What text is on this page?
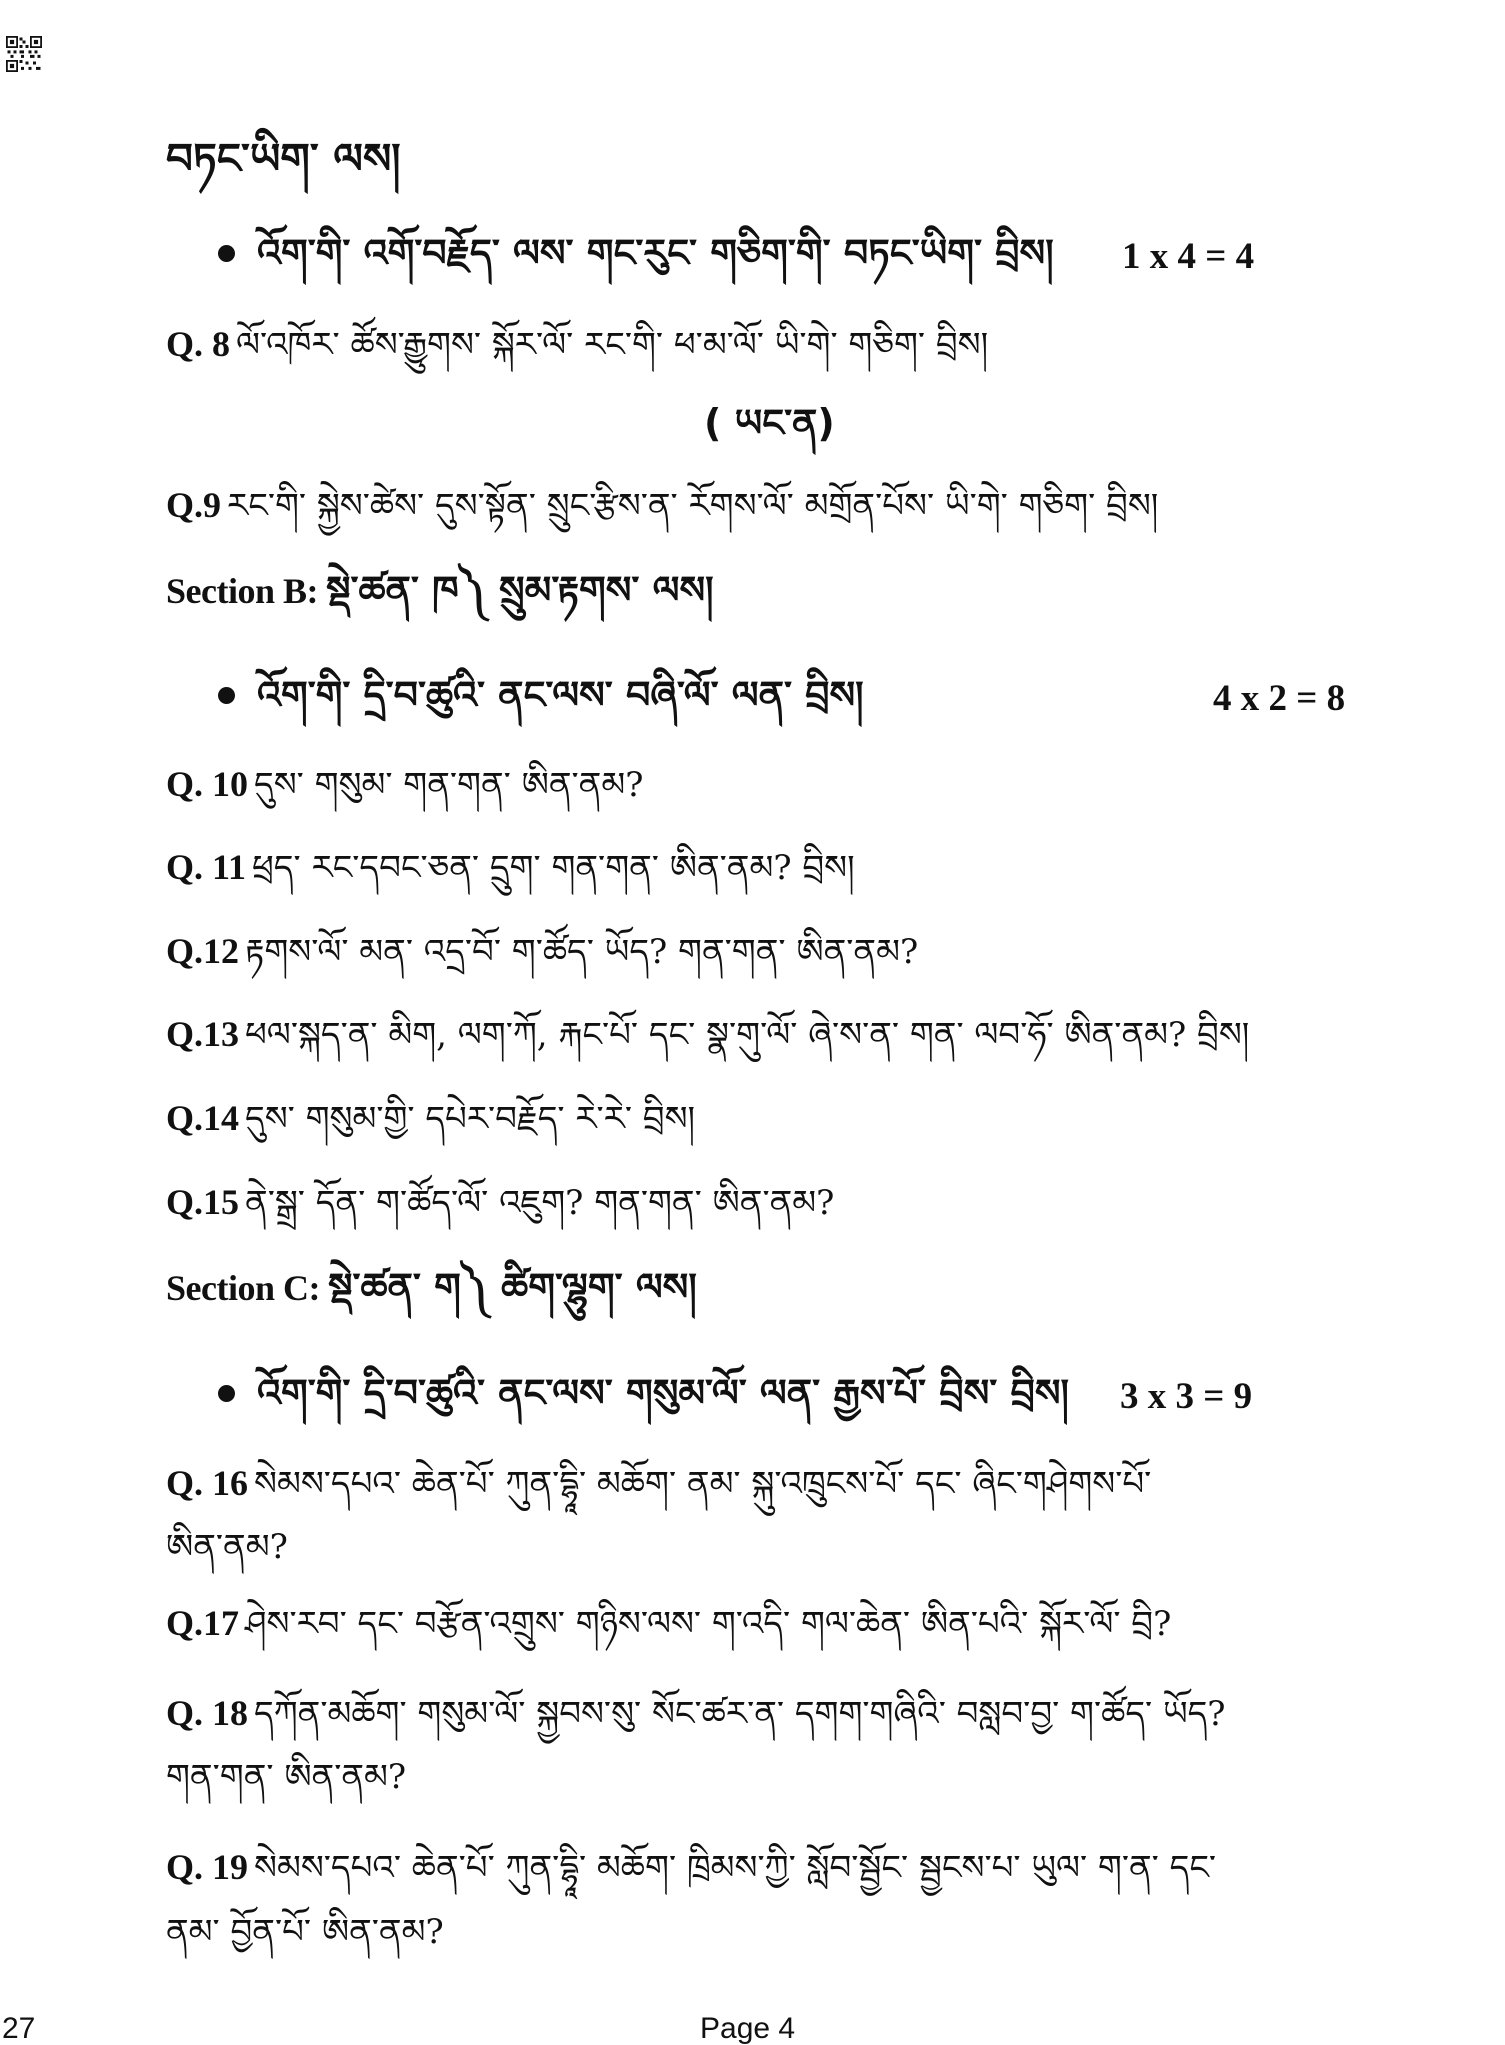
བཏང་ཡིག་ ལས།
འོག་གི་ འགོ་བརྗོད་ ལས་ གང་རུང་ གཅིག་གི་ བཏང་ཡིག་ བྲིས། 1 x 4 = 4
Q. 8 ལོ་འཁོར་ ཚོས་རྒྱུགས་ སྐོར་ལོ་ རང་གི་ ཕ་མ་ལོ་ ཡི་གེ་ གཅིག་ བྲིས།
( ཡང་ན)
Q.9 རང་གི་ སྐྱེས་ཚེས་ དུས་སྟོན་ སྲུང་རྩིས་ན་ རོགས་ལོ་ མགྲོན་པོས་ ཡི་གེ་ གཅིག་ བྲིས།
Section B: སྡེ་ཚན་ ཁ༽ སྲུམ་རྟགས་ ལས།
འོག་གི་ དྲི་བ་ཚུའི་ ནང་ལས་ བཞི་ལོ་ ལན་ བྲིས།	4 x 2 = 8
Q. 10 དུས་ གསུམ་ གན་གན་ ཨིན་ནམ?
Q. 11 ཕྲད་ རང་དབང་ཅན་ དྲུག་ གན་གན་ ཨིན་ནམ? བྲིས།
Q.12 རྟགས་ལོ་ མན་ འདྲ་བོ་ ག་ཚོད་ ཡོད? གན་གན་ ཨིན་ནམ?
Q.13 ཕལ་སྐད་ན་ མིག, ལག་ཀོ, རྐང་པོ་ དང་ སྣ་གུ་ལོ་ ཞེ་ས་ན་ གན་ ལབ་ཧོ་ ཨིན་ནམ? བྲིས།
Q.14 དུས་ གསུམ་གྱི་ དཔེར་བརྗོད་ རེ་རེ་ བྲིས།
Q.15 ནེ་སྒྲ་ དོན་ ག་ཚོད་ལོ་ འཇུག? གན་གན་ ཨིན་ནམ?
Section C: སྡེ་ཚན་ ག༽ ཚིག་ལྷུག་ ལས།
འོག་གི་ དྲི་བ་ཚུའི་ ནང་ལས་ གསུམ་ལོ་ ལན་ རྒྱས་པོ་ བྲིས་ བྲིས། 3 x 3 = 9
Q. 16 སེམས་དཔའ་ ཆེན་པོ་ ཀུན་དྷཱི་ མཆོག་ ནམ་ སྐུ་འཁྲུངས་པོ་ དང་ ཞིང་གཤེགས་པོ་
ཨིན་ནམ?
Q.17 ཤེས་རབ་ དང་ བརྩོན་འགྲུས་ གཉིས་ལས་ ག་འདི་ གལ་ཆེན་ ཨིན་པའི་ སྐོར་ལོ་ བྲི?
Q. 18 དཀོན་མཆོག་ གསུམ་ལོ་ སྐྱབས་སུ་ སོང་ཚར་ན་ དགག་གཞིའི་ བསླབ་བྱ་ ག་ཚོད་ ཡོད?
གན་གན་ ཨིན་ནམ?
Q. 19 སེམས་དཔའ་ ཆེན་པོ་ ཀུན་དྷཱི་ མཆོག་ ཁྲིམས་ཀྱི་ སློབ་སྦྱོང་ སྦྱངས་པ་ ཡུལ་ ག་ན་ དང་
ནམ་ བྱོན་པོ་ ཨིན་ནམ?
27	Page 4
